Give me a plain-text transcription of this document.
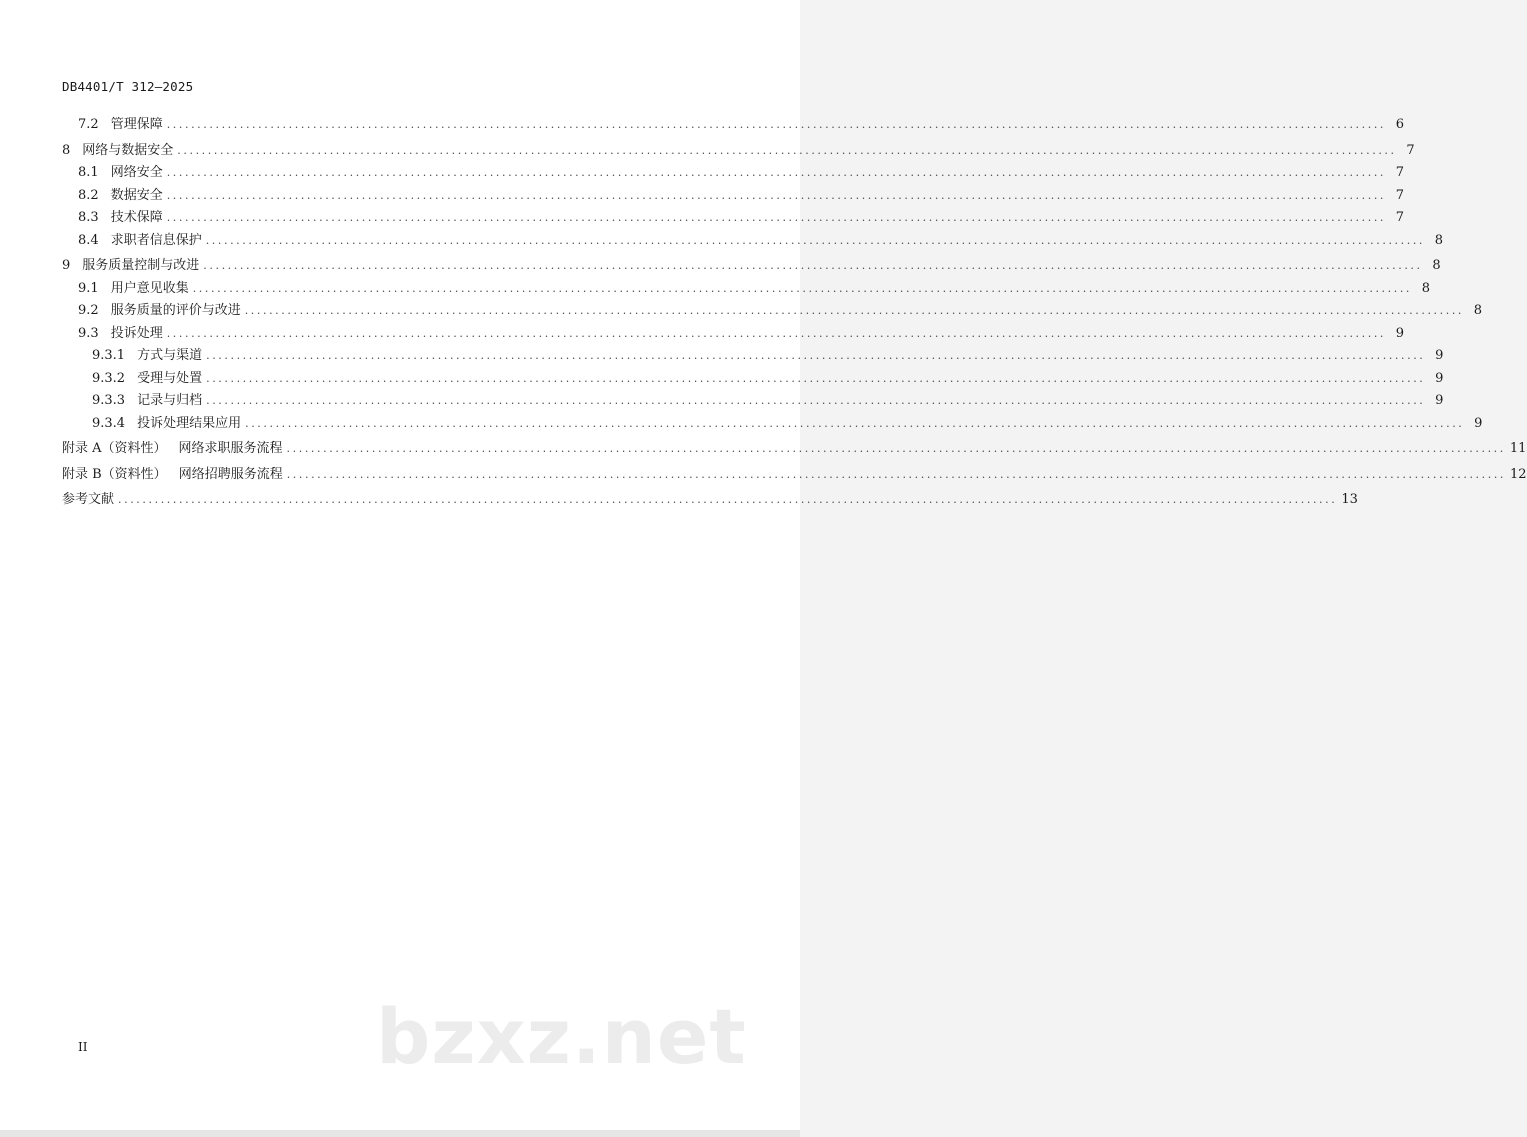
DB4401/T 312—2025
7.2 管理保障 ........................................................................................................................................................................................................ 6
8 网络与数据安全 ........................................................................................................................................................................................................ 7
8.1 网络安全 ........................................................................................................................................................................................................ 7
8.2 数据安全 ........................................................................................................................................................................................................ 7
8.3 技术保障 ........................................................................................................................................................................................................ 7
8.4 求职者信息保护 ........................................................................................................................................................................................................ 8
9 服务质量控制与改进 ........................................................................................................................................................................................................ 8
9.1 用户意见收集 ........................................................................................................................................................................................................ 8
9.2 服务质量的评价与改进 ........................................................................................................................................................................................................ 8
9.3 投诉处理 ........................................................................................................................................................................................................ 9
9.3.1 方式与渠道 ........................................................................................................................................................................................................ 9
9.3.2 受理与处置 ........................................................................................................................................................................................................ 9
9.3.3 记录与归档 ........................................................................................................................................................................................................ 9
9.3.4 投诉处理结果应用 ........................................................................................................................................................................................................ 9
附录 A（资料性） 网络求职服务流程 ........................................................................................................................................................................................................ 11
附录 B（资料性） 网络招聘服务流程 ........................................................................................................................................................................................................ 12
参考文献 ........................................................................................................................................................................................................ 13
II	bzxz.net
